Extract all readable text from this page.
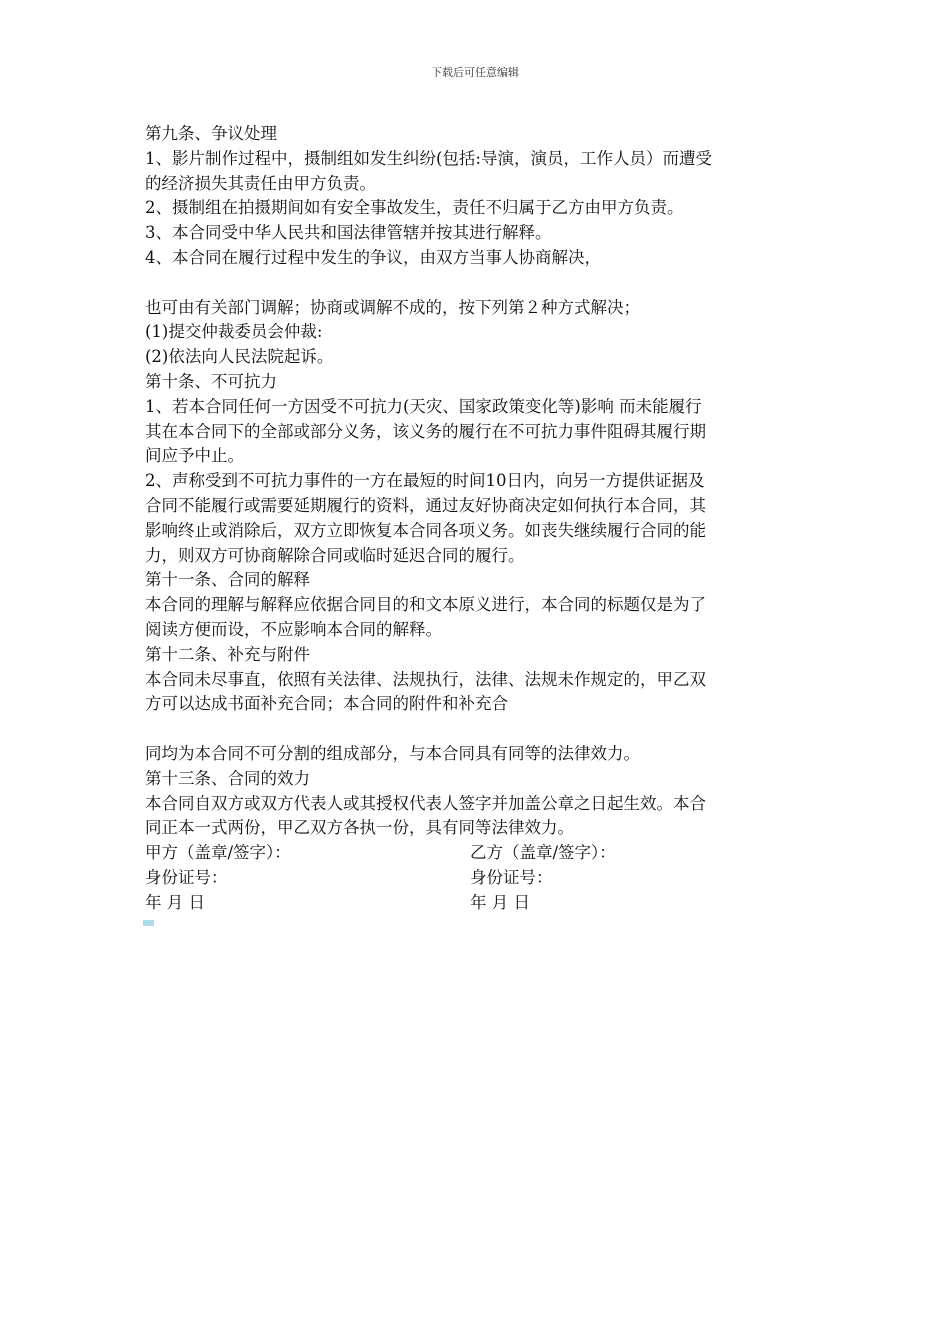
下载后可任意编辑

第九条、争议处理

1、影片制作过程中，摄制组如发生纠纷(包括:导演，演员，工作人员）而遭受

的经济损失其责任由甲方负责。

2、摄制组在拍摄期间如有安全事故发生，责任不归属于乙方由甲方负责。

3、本合同受中华人民共和国法律管辖并按其进行解释。

4、本合同在履行过程中发生的争议，由双方当事人协商解决，

也可由有关部门调解；协商或调解不成的，按下列第２种方式解决；

(1)提交仲裁委员会仲裁:

(2)依法向人民法院起诉。

第十条、不可抗力

1、若本合同任何一方因受不可抗力(天灾、国家政策变化等)影响 而未能履行

其在本合同下的全部或部分义务，该义务的履行在不可抗力事件阻碍其履行期

间应予中止。

2、声称受到不可抗力事件的一方在最短的时间10日内，向另一方提供证据及

合同不能履行或需要延期履行的资料，通过友好协商决定如何执行本合同，其

影响终止或消除后，双方立即恢复本合同各项义务。如丧失继续履行合同的能

力，则双方可协商解除合同或临时延迟合同的履行。

第十一条、合同的解释

本合同的理解与解释应依据合同目的和文本原义进行，本合同的标题仅是为了

阅读方便而设，不应影响本合同的解释。

第十二条、补充与附件

本合同未尽事直，依照有关法律、法规执行，法律、法规未作规定的，甲乙双

方可以达成书面补充合同；本合同的附件和补充合

同均为本合同不可分割的组成部分，与本合同具有同等的法律效力。

第十三条、合同的效力

本合同自双方或双方代表人或其授权代表人签字并加盖公章之日起生效。本合

同正本一式两份，甲乙双方各执一份，具有同等法律效力。

甲方（盖章/签字）：	乙方（盖章/签字）：
身份证号：	身份证号：
年 月 日	年 月 日
